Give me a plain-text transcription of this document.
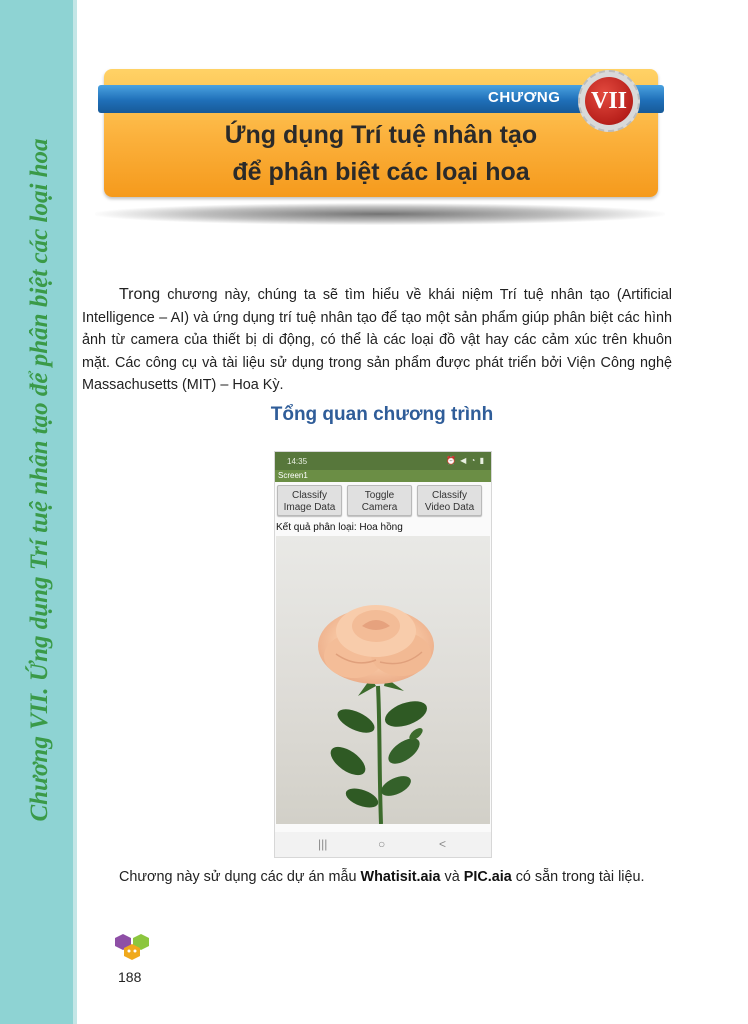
Chương VII. Ứng dụng Trí tuệ nhân tạo để phân biệt các loại hoa
CHƯƠNG VII
Ứng dụng Trí tuệ nhân tạo
để phân biệt các loại hoa

Trong chương này, chúng ta sẽ tìm hiểu về khái niệm Trí tuệ nhân tạo (Artificial Intelligence – AI) và ứng dụng trí tuệ nhân tạo để tạo một sản phẩm giúp phân biệt các hình ảnh từ camera của thiết bị di động, có thể là các loại đồ vật hay các cảm xúc trên khuôn mặt. Các công cụ và tài liệu sử dụng trong sản phẩm được phát triển bởi Viện Công nghệ Massachusetts (MIT) – Hoa Kỳ.

Tổng quan chương trình
14:35	⏰ ◀ ◔ ▮
Screen1
Classify
Image Data
Toggle
Camera
Classify
Video Data
Kết quả phân loại: Hoa hồng
|||	○	<
Chương này sử dụng các dự án mẫu Whatisit.aia và PIC.aia có sẵn trong tài liệu.
188
